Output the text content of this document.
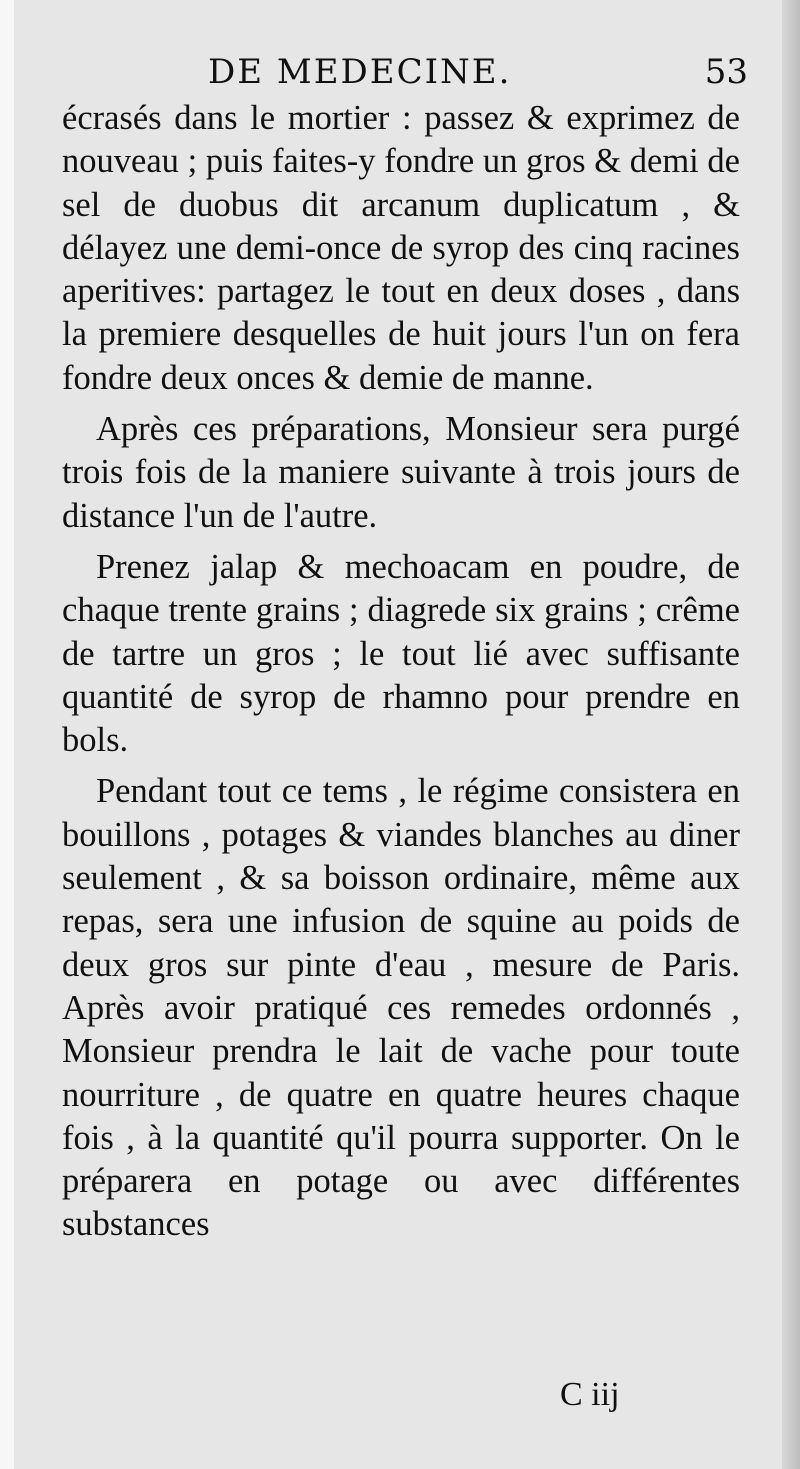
DE MEDECINE.	53

écrasés dans le mortier : passez & exprimez de nouveau ; puis faites-y fondre un gros & demi de sel de duobus dit arcanum duplicatum , & délayez une demi-once de syrop des cinq racines aperitives: partagez le tout en deux doses , dans la premiere desquelles de huit jours l'un on fera fondre deux onces & demie de manne.

Après ces préparations, Monsieur sera purgé trois fois de la maniere suivante à trois jours de distance l'un de l'autre.

Prenez jalap & mechoacam en poudre, de chaque trente grains ; diagrede six grains ; crême de tartre un gros ; le tout lié avec suffisante quantité de syrop de rhamno pour prendre en bols.

Pendant tout ce tems , le régime consistera en bouillons , potages & viandes blanches au diner seulement , & sa boisson ordinaire, même aux repas, sera une infusion de squine au poids de deux gros sur pinte d'eau , mesure de Paris. Après avoir pratiqué ces remedes ordonnés , Monsieur prendra le lait de vache pour toute nourriture , de quatre en quatre heures chaque fois , à la quantité qu'il pourra supporter. On le préparera en potage ou avec différentes substances

C iij
